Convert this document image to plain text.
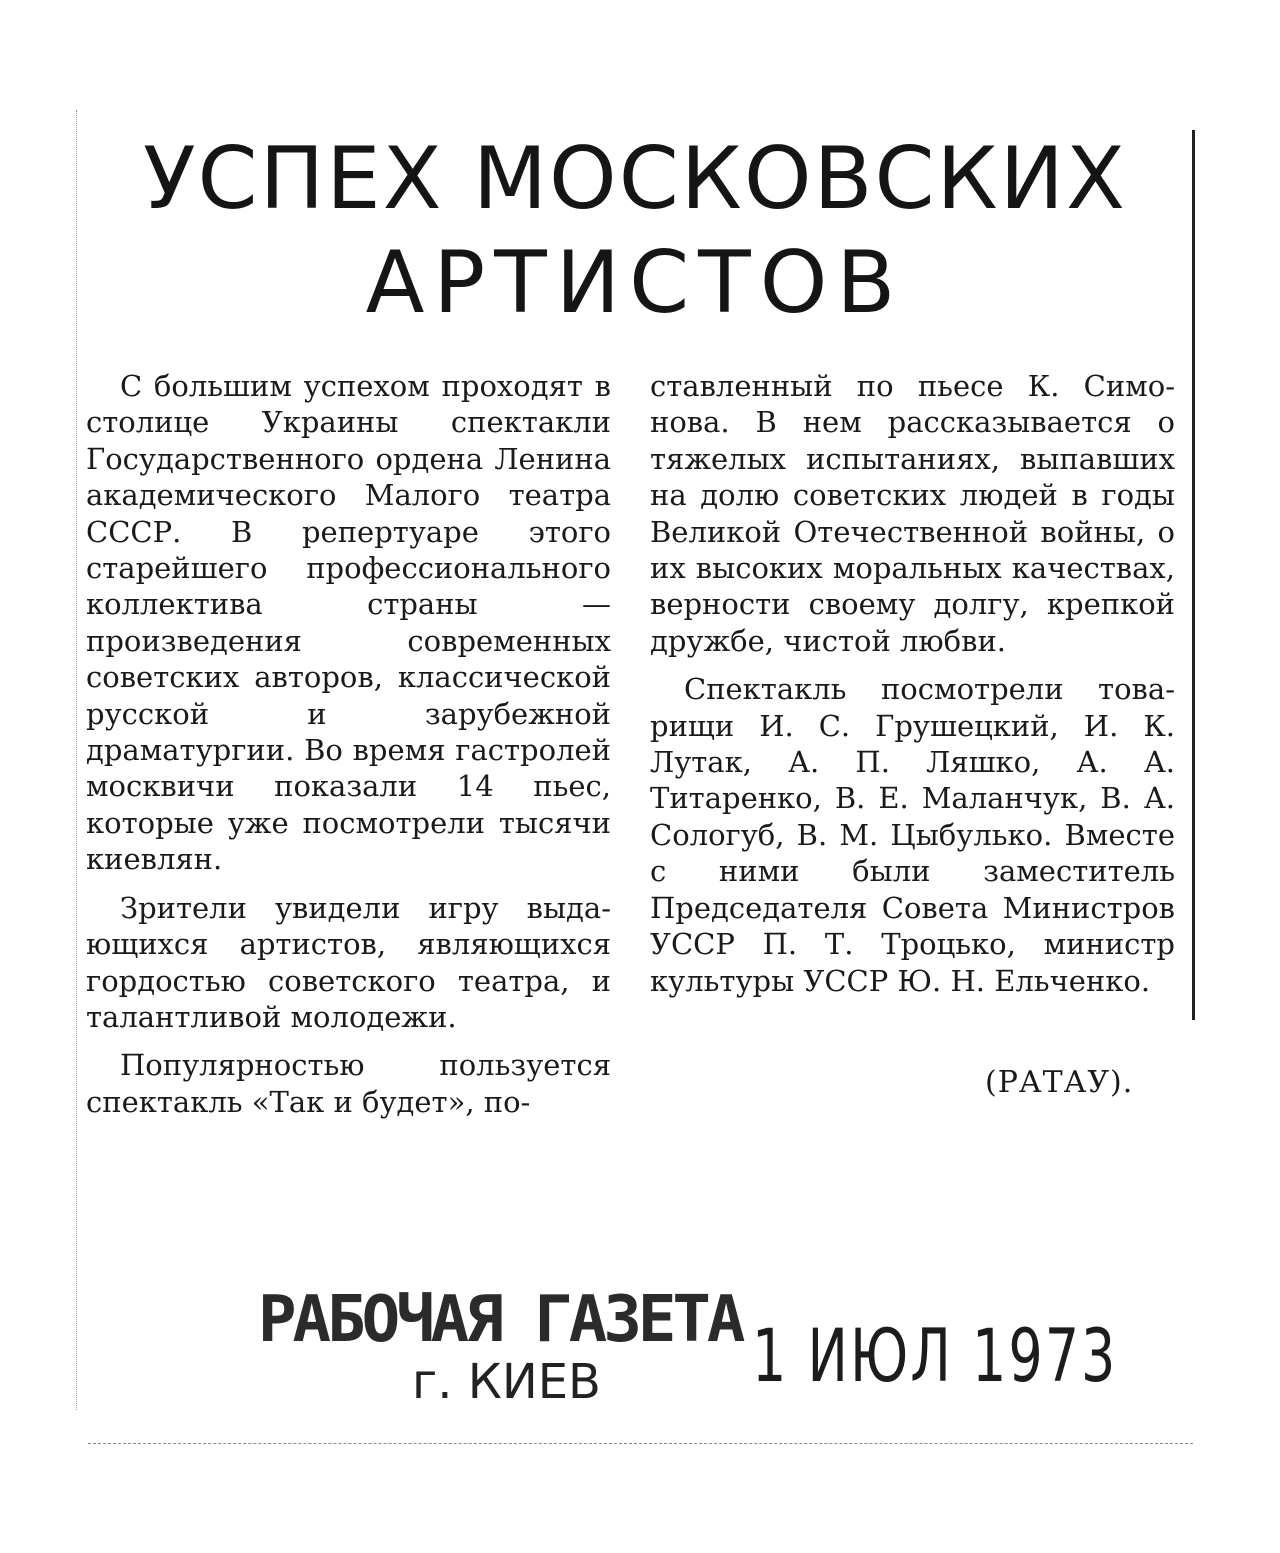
УСПЕХ МОСКОВСКИХ
АРТИСТОВ

С большим успехом проходят в столице Украины спектакли Государственного ордена Ленина академического Малого театра СССР. В репертуаре этого старейшего профессионального коллектива страны — произведения современных советских авторов, классической русской и зарубежной драматургии. Во время гастролей москвичи показали 14 пьес, которые уже посмотрели тысячи киевлян.

Зрители увидели игру выдающихся артистов, являющихся гордостью советского театра, и талантливой молодежи.

Популярностью пользуется спектакль «Так и будет», по-

ставленный по пьесе К. Симонова. В нем рассказывается о тяжелых испытаниях, выпавших на долю советских людей в годы Великой Отечественной войны, о их высоких моральных качествах, верности своему долгу, крепкой дружбе, чистой любви.

Спектакль посмотрели товарищи И. С. Грушецкий, И. К. Лутак, А. П. Ляшко, А. А. Титаренко, В. Е. Маланчук, В. А. Сологуб, В. М. Цыбулько. Вместе с ними были заместитель Председателя Совета Министров УССР П. Т. Троцько, министр культуры УССР Ю. Н. Ельченко.

(РАТАУ).
РАБОЧАЯ ГАЗЕТА
г. КИЕВ	1 ИЮЛ 1973
